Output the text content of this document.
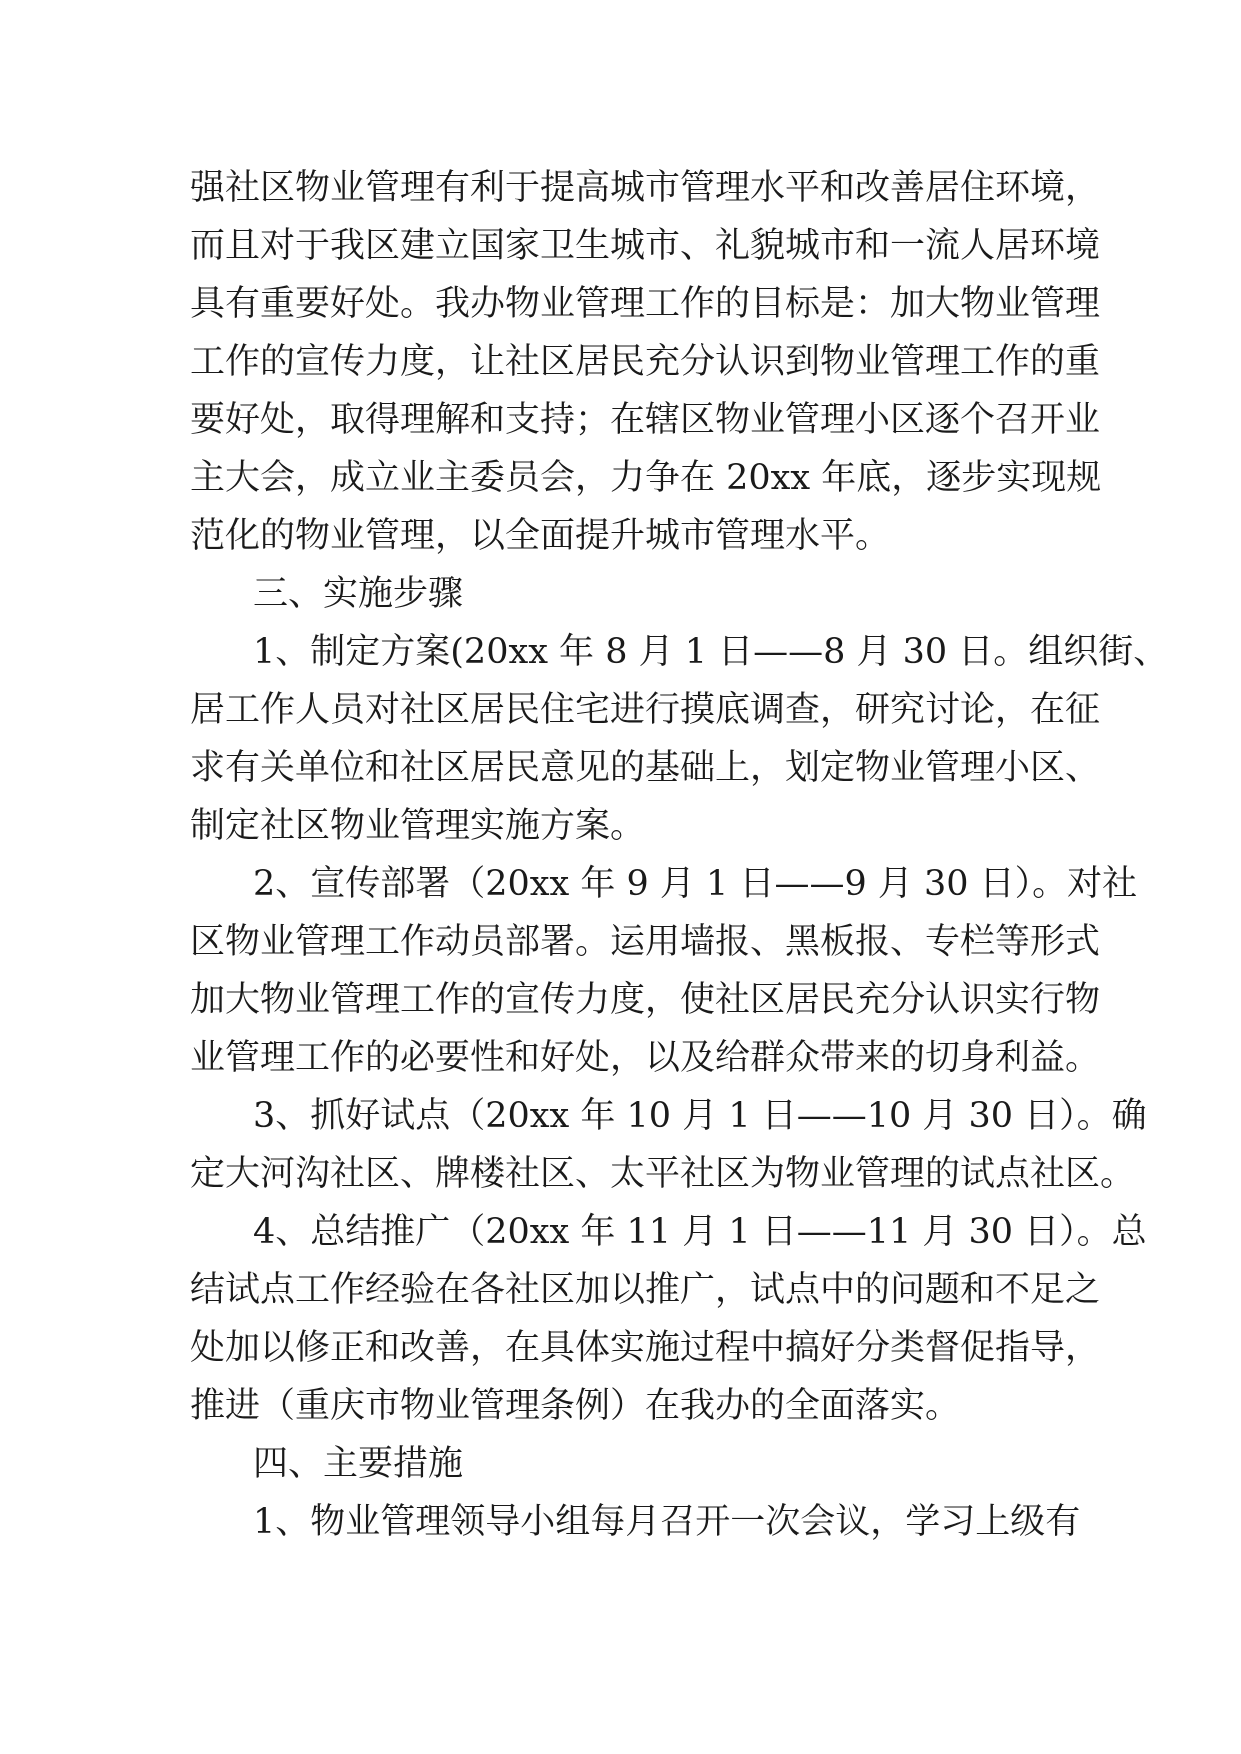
强社区物业管理有利于提高城市管理水平和改善居住环境，
而且对于我区建立国家卫生城市、礼貌城市和一流人居环境
具有重要好处。我办物业管理工作的目标是：加大物业管理
工作的宣传力度，让社区居民充分认识到物业管理工作的重
要好处，取得理解和支持；在辖区物业管理小区逐个召开业
主大会，成立业主委员会，力争在 20xx 年底，逐步实现规
范化的物业管理，以全面提升城市管理水平。
三、实施步骤
1、制定方案(20xx 年 8 月 1 日——8 月 30 日。组织街、
居工作人员对社区居民住宅进行摸底调查，研究讨论，在征
求有关单位和社区居民意见的基础上，划定物业管理小区、
制定社区物业管理实施方案。
2、宣传部署（20xx 年 9 月 1 日——9 月 30 日）。对社
区物业管理工作动员部署。运用墙报、黑板报、专栏等形式
加大物业管理工作的宣传力度，使社区居民充分认识实行物
业管理工作的必要性和好处，以及给群众带来的切身利益。
3、抓好试点（20xx 年 10 月 1 日——10 月 30 日）。确
定大河沟社区、牌楼社区、太平社区为物业管理的试点社区。
4、总结推广（20xx 年 11 月 1 日——11 月 30 日）。总
结试点工作经验在各社区加以推广，试点中的问题和不足之
处加以修正和改善，在具体实施过程中搞好分类督促指导，
推进（重庆市物业管理条例）在我办的全面落实。
四、主要措施
1、物业管理领导小组每月召开一次会议，学习上级有
